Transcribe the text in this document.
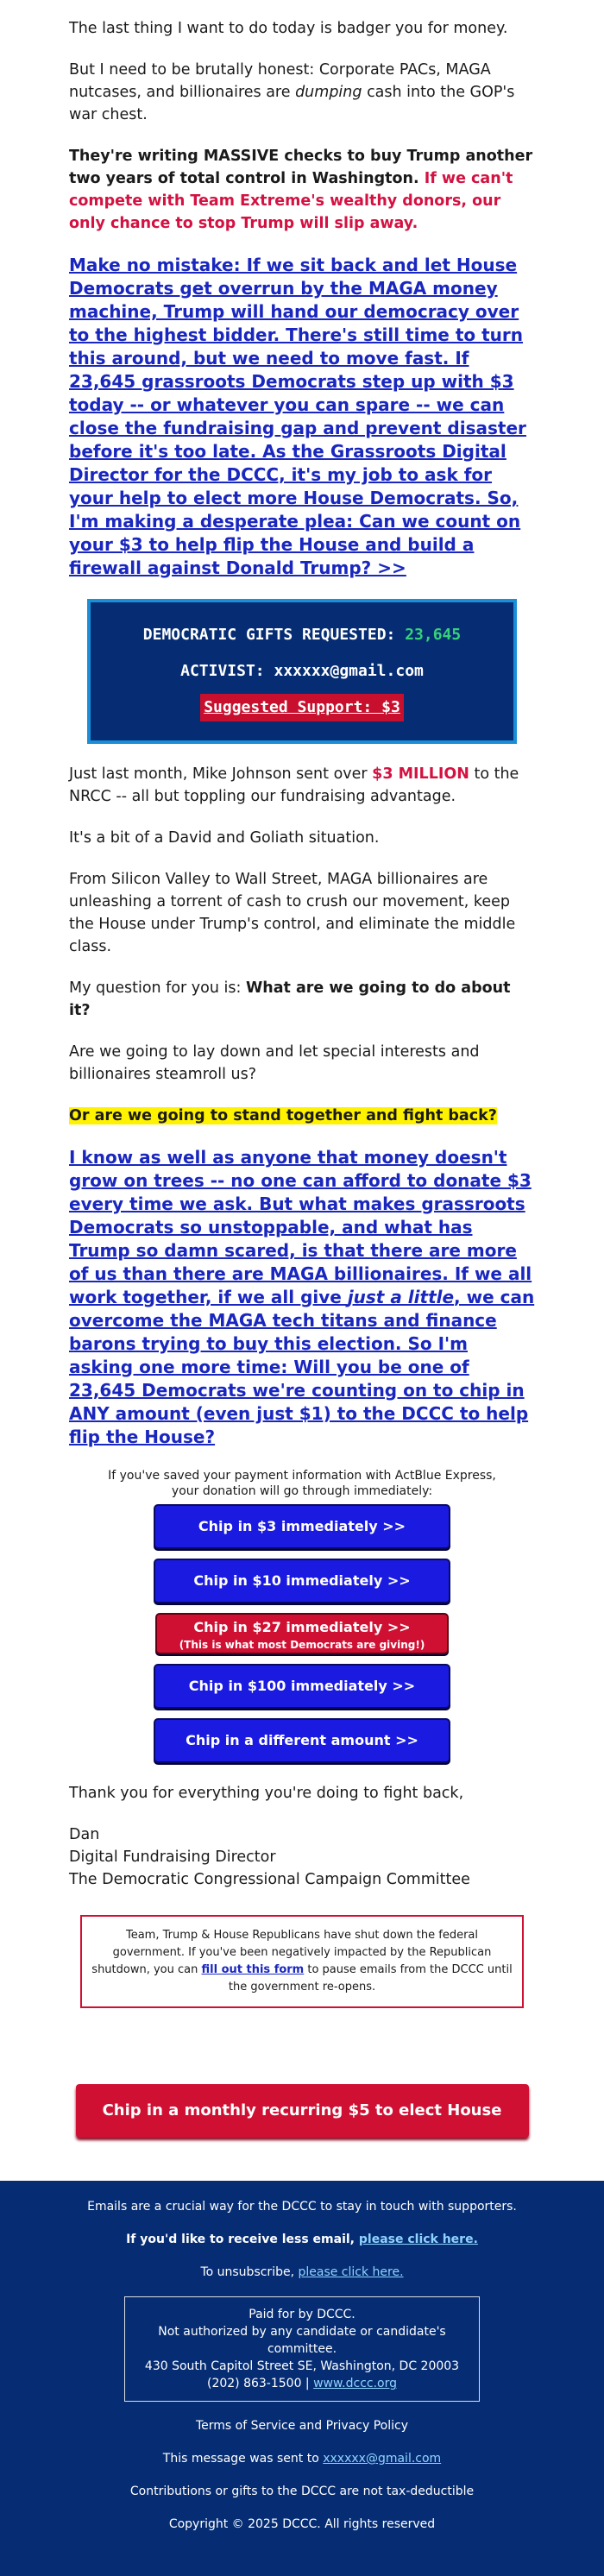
The last thing I want to do today is badger you for money.

But I need to be brutally honest: Corporate PACs, MAGA nutcases, and billionaires are dumping cash into the GOP's war chest.

They're writing MASSIVE checks to buy Trump another two years of total control in Washington. If we can't compete with Team Extreme's wealthy donors, our only chance to stop Trump will slip away.

Make no mistake: If we sit back and let House Democrats get overrun by the MAGA money machine, Trump will hand our democracy over to the highest bidder. There's still time to turn this around, but we need to move fast. If 23,645 grassroots Democrats step up with $3 today -- or whatever you can spare -- we can close the fundraising gap and prevent disaster before it's too late. As the Grassroots Digital Director for the DCCC, it's my job to ask for your help to elect more House Democrats. So, I'm making a desperate plea: Can we count on your $3 to help flip the House and build a firewall against Donald Trump? >>

DEMOCRATIC GIFTS REQUESTED: 23,645
ACTIVIST: xxxxxx@gmail.com
Suggested Support: $3

Just last month, Mike Johnson sent over $3 MILLION to the NRCC -- all but toppling our fundraising advantage.

It's a bit of a David and Goliath situation.

From Silicon Valley to Wall Street, MAGA billionaires are unleashing a torrent of cash to crush our movement, keep the House under Trump's control, and eliminate the middle class.

My question for you is: What are we going to do about it?

Are we going to lay down and let special interests and billionaires steamroll us?

Or are we going to stand together and fight back?

I know as well as anyone that money doesn't grow on trees -- no one can afford to donate $3 every time we ask. But what makes grassroots Democrats so unstoppable, and what has Trump so damn scared, is that there are more of us than there are MAGA billionaires. If we all work together, if we all give just a little, we can overcome the MAGA tech titans and finance barons trying to buy this election. So I'm asking one more time: Will you be one of 23,645 Democrats we're counting on to chip in ANY amount (even just $1) to the DCCC to help flip the House?

If you've saved your payment information with ActBlue Express,
your donation will go through immediately:
Chip in $3 immediately >>
Chip in $10 immediately >>
Chip in $27 immediately >>
(This is what most Democrats are giving!)
Chip in $100 immediately >>
Chip in a different amount >>

Thank you for everything you're doing to fight back,

Dan

Digital Fundraising Director

The Democratic Congressional Campaign Committee

Team, Trump & House Republicans have shut down the federal government. If you've been negatively impacted by the Republican shutdown, you can fill out this form to pause emails from the DCCC until the government re-opens.
Chip in a monthly recurring $5 to elect House Dems >>

Emails are a crucial way for the DCCC to stay in touch with supporters.

If you'd like to receive less email, please click here.

To unsubscribe, please click here.

Paid for by DCCC.

Not authorized by any candidate or candidate's committee.

430 South Capitol Street SE, Washington, DC 20003

(202) 863-1500 | www.dccc.org

Terms of Service and Privacy Policy

This message was sent to xxxxxx@gmail.com

Contributions or gifts to the DCCC are not tax-deductible

Copyright © 2025 DCCC. All rights reserved
